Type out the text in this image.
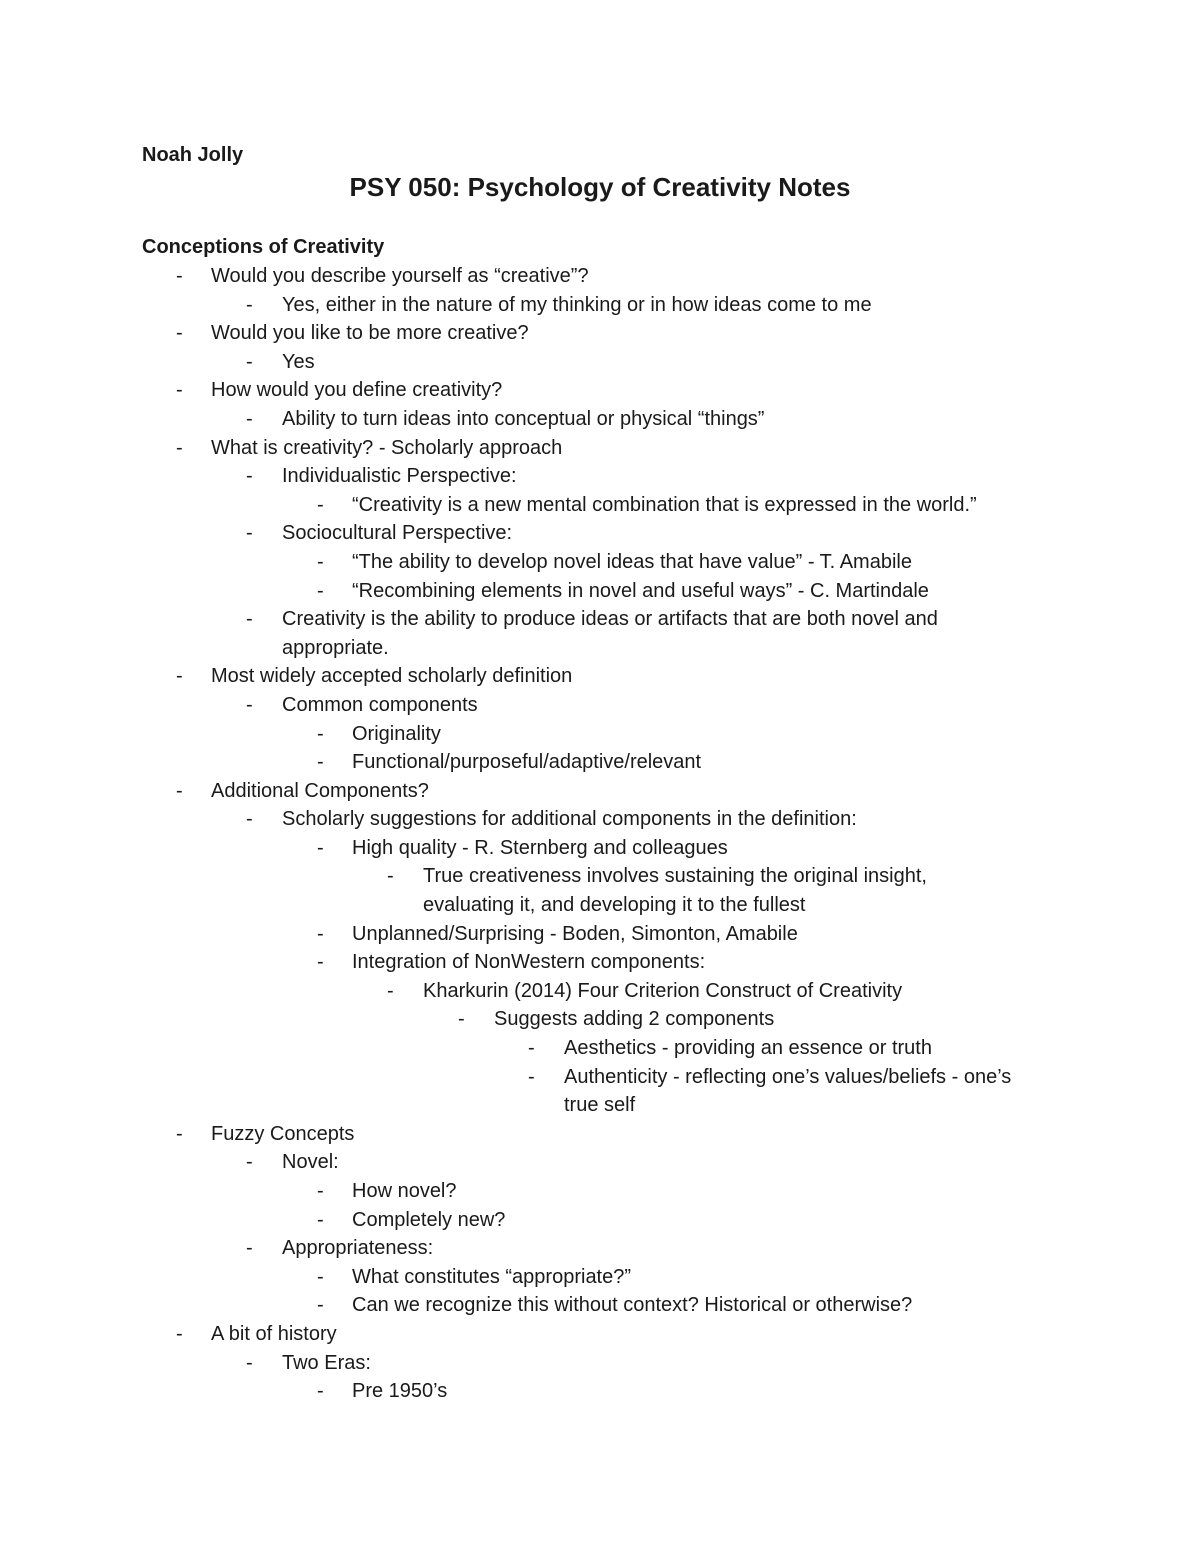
Noah Jolly

PSY 050: Psychology of Creativity Notes
Conceptions of Creativity
-	Would you describe yourself as “creative”?
-	Yes, either in the nature of my thinking or in how ideas come to me
-	Would you like to be more creative?
-	Yes
-	How would you define creativity?
-	Ability to turn ideas into conceptual or physical “things”
-	What is creativity? - Scholarly approach
-	Individualistic Perspective:
-	“Creativity is a new mental combination that is expressed in the world.”
-	Sociocultural Perspective:
-	“The ability to develop novel ideas that have value” - T. Amabile
-	“Recombining elements in novel and useful ways” - C. Martindale
-	Creativity is the ability to produce ideas or artifacts that are both novel and
appropriate.
-	Most widely accepted scholarly definition
-	Common components
-	Originality
-	Functional/purposeful/adaptive/relevant
-	Additional Components?
-	Scholarly suggestions for additional components in the definition:
-	High quality - R. Sternberg and colleagues
-	True creativeness involves sustaining the original insight,
evaluating it, and developing it to the fullest
-	Unplanned/Surprising - Boden, Simonton, Amabile
-	Integration of NonWestern components:
-	Kharkurin (2014) Four Criterion Construct of Creativity
-	Suggests adding 2 components
-	Aesthetics - providing an essence or truth
-	Authenticity - reflecting one’s values/beliefs - one’s
true self
-	Fuzzy Concepts
-	Novel:
-	How novel?
-	Completely new?
-	Appropriateness:
-	What constitutes “appropriate?”
-	Can we recognize this without context? Historical or otherwise?
-	A bit of history
-	Two Eras:
-	Pre 1950’s
